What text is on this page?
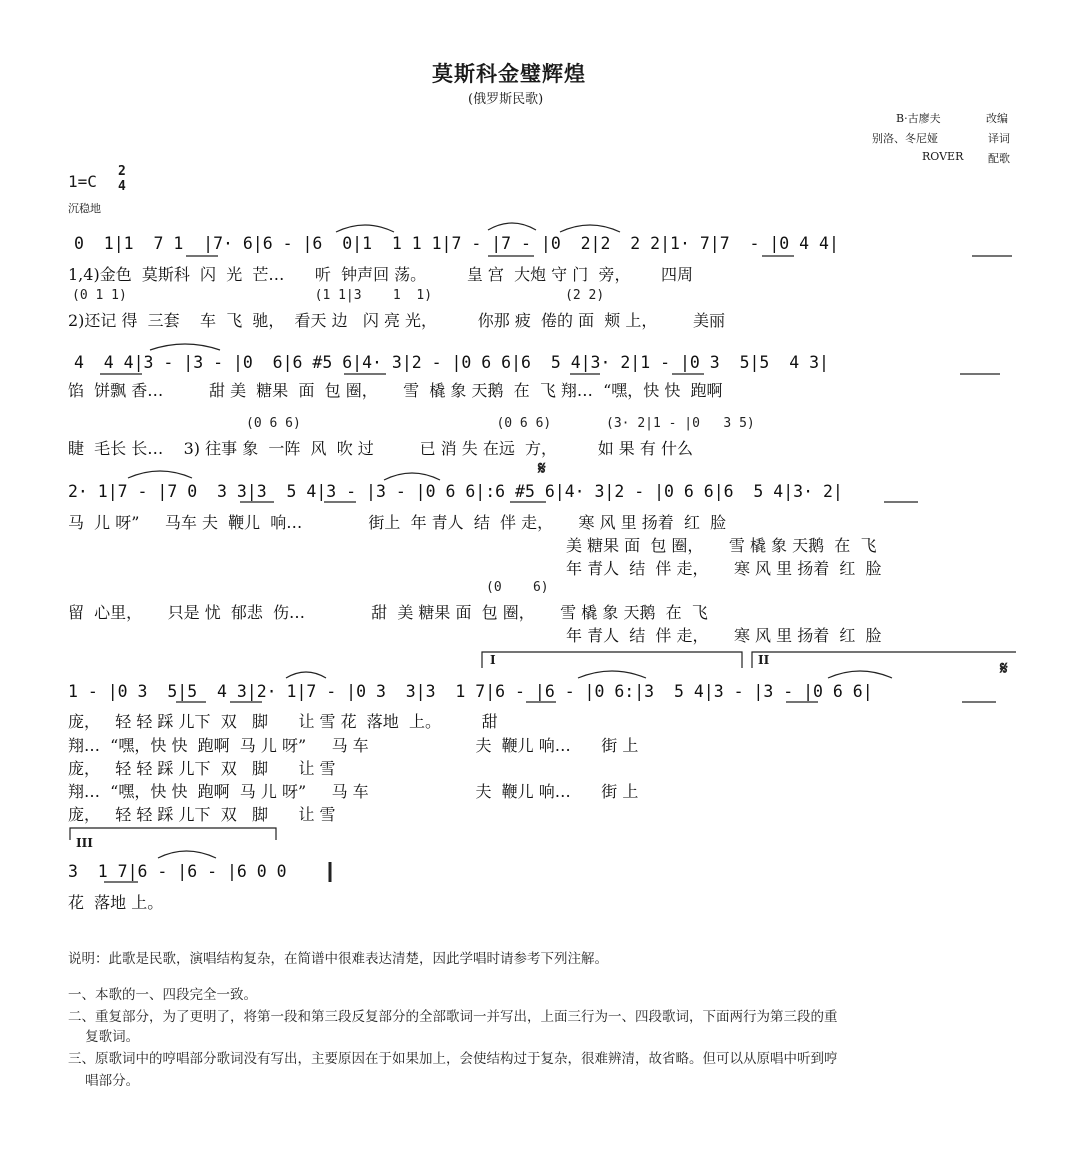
莫斯科金璧辉煌
(俄罗斯民歌)
B·古廖夫	改编
别洛、冬尼娅	译词
ROVER 配歌
1=C
2
4
沉稳地
0  1|1  7 1  |7· 6|6 - |6  0|1  1 1 1|7 - |7 - |0  2|2  2 2|1· 7|7  - |0 4 4|
1,4)金色  莫斯科  闪  光  芒…      听  钟声回 荡。        皇 宫  大炮 守 门  旁，      四周
(0 1 1)                        (1 1|3    1  1)                 (2 2)
2)还记 得  三套    车  飞  驰，  看天 边   闪 亮 光，        你那 疲  倦的 面  颊 上，       美丽
4  4 4|3 - |3 - |0  6|6 #5 6|4· 3|2 - |0 6 6|6  5 4|3· 2|1 - |0 3  5|5  4 3|
馅  饼飘 香…         甜 美  糖果  面  包 圈，     雪  橇 象 天鹅  在  飞 翔…  “嘿，快 快  跑啊
(0 6 6)                         (0 6 6)       (3· 2|1 - |0   3 5)
睫  毛长 长…    3) 往事 象  一阵  风  吹 过         已 消 失 在远  方，        如 果 有 什么
2· 1|7 - |7 0  3 3|3  5 4|3 - |3 - |0 6 6|:6 #5 6|4· 3|2 - |0 6 6|6  5 4|3· 2|
马  儿 呀”     马车 夫  鞭儿  响…             街上  年 青人  结  伴 走，     寒 风 里 扬着  红  脸
美 糖果 面  包 圈，     雪 橇 象 天鹅  在  飞
年 青人  结  伴 走，     寒 风 里 扬着  红  脸
(0    6)
留  心里，     只是 忧  郁悲  伤…             甜  美 糖果 面  包 圈，     雪 橇 象 天鹅  在  飞
年 青人  结  伴 走，     寒 风 里 扬着  红  脸
I	II
1 - |0 3  5|5  4 3|2· 1|7 - |0 3  3|3  1 7|6 - |6 - |0 6:|3  5 4|3 - |3 - |0 6 6|
庞，   轻 轻 踩 儿下  双   脚      让 雪 花  落地  上。        甜
翔…  “嘿，快 快  跑啊  马 儿 呀”     马 车                     夫  鞭儿 响…      街 上
庞，   轻 轻 踩 儿下  双   脚      让 雪
翔…  “嘿，快 快  跑啊  马 儿 呀”     马 车                     夫  鞭儿 响…      街 上
庞，   轻 轻 踩 儿下  双   脚      让 雪
III
3  1 7|6 - |6 - |6 0 0
花  落地 上。
说明：此歌是民歌，演唱结构复杂，在简谱中很难表达清楚，因此学唱时请参考下列注解。
一、本歌的一、四段完全一致。
二、重复部分，为了更明了，将第一段和第三段反复部分的全部歌词一并写出，上面三行为一、四段歌词，下面两行为第三段的重
复歌词。
三、原歌词中的哼唱部分歌词没有写出，主要原因在于如果加上，会使结构过于复杂，很难辨清，故省略。但可以从原唱中听到哼
唱部分。
𝄋
𝄋
